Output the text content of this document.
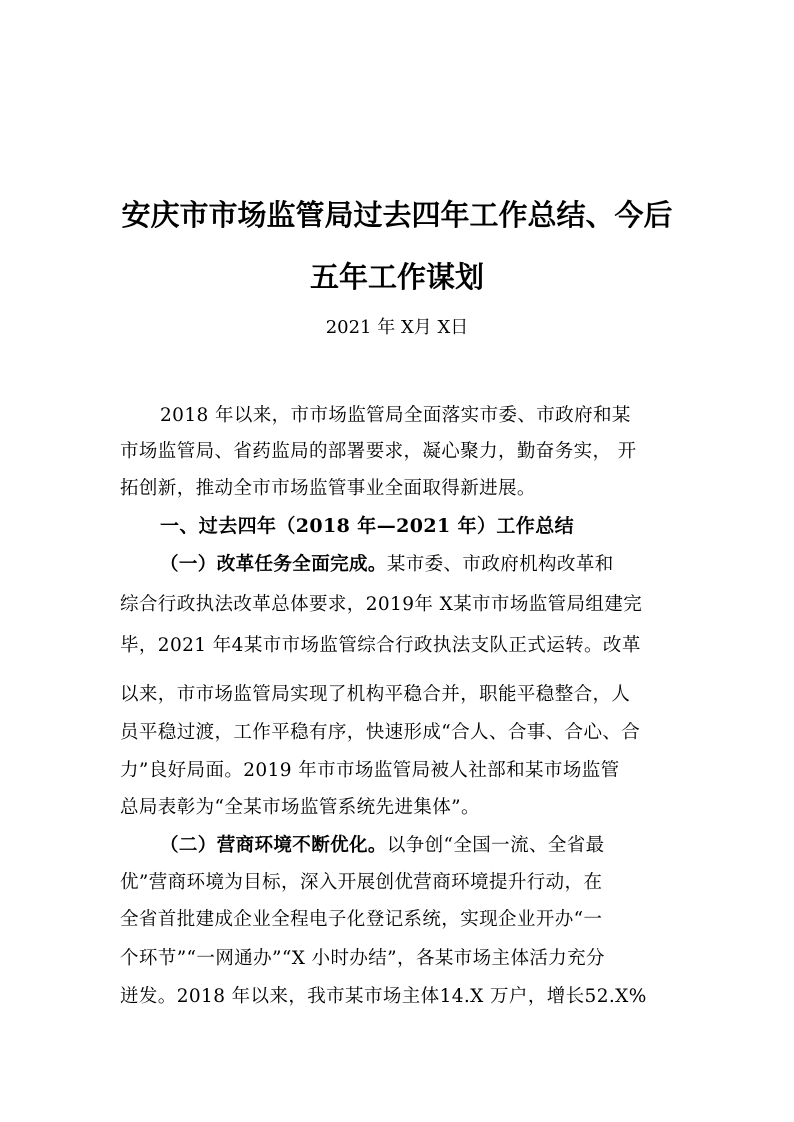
安庆市市场监管局过去四年工作总结、今后
五年工作谋划
2021 年 X月 X日
2018 年以来，市市场监管局全面落实市委、市政府和某
市场监管局、省药监局的部署要求，凝心聚力，勤奋务实， 开
拓创新，推动全市市场监管事业全面取得新进展。
一、过去四年（2018 年—2021 年）工作总结
（一）改革任务全面完成。某市委、市政府机构改革和
综合行政执法改革总体要求，2019年 X某市市场监管局组建完
毕，2021 年4某市市场监管综合行政执法支队正式运转。改革
以来，市市场监管局实现了机构平稳合并，职能平稳整合，人
员平稳过渡，工作平稳有序，快速形成“合人、合事、合心、合
力”良好局面。2019 年市市场监管局被人社部和某市场监管
总局表彰为“全某市场监管系统先进集体”。
（二）营商环境不断优化。以争创“全国一流、全省最
优”营商环境为目标，深入开展创优营商环境提升行动，在
全省首批建成企业全程电子化登记系统，实现企业开办“一
个环节”“一网通办”“X 小时办结”，各某市场主体活力充分
迸发。2018 年以来，我市某市场主体14.X 万户，增长52.X%
